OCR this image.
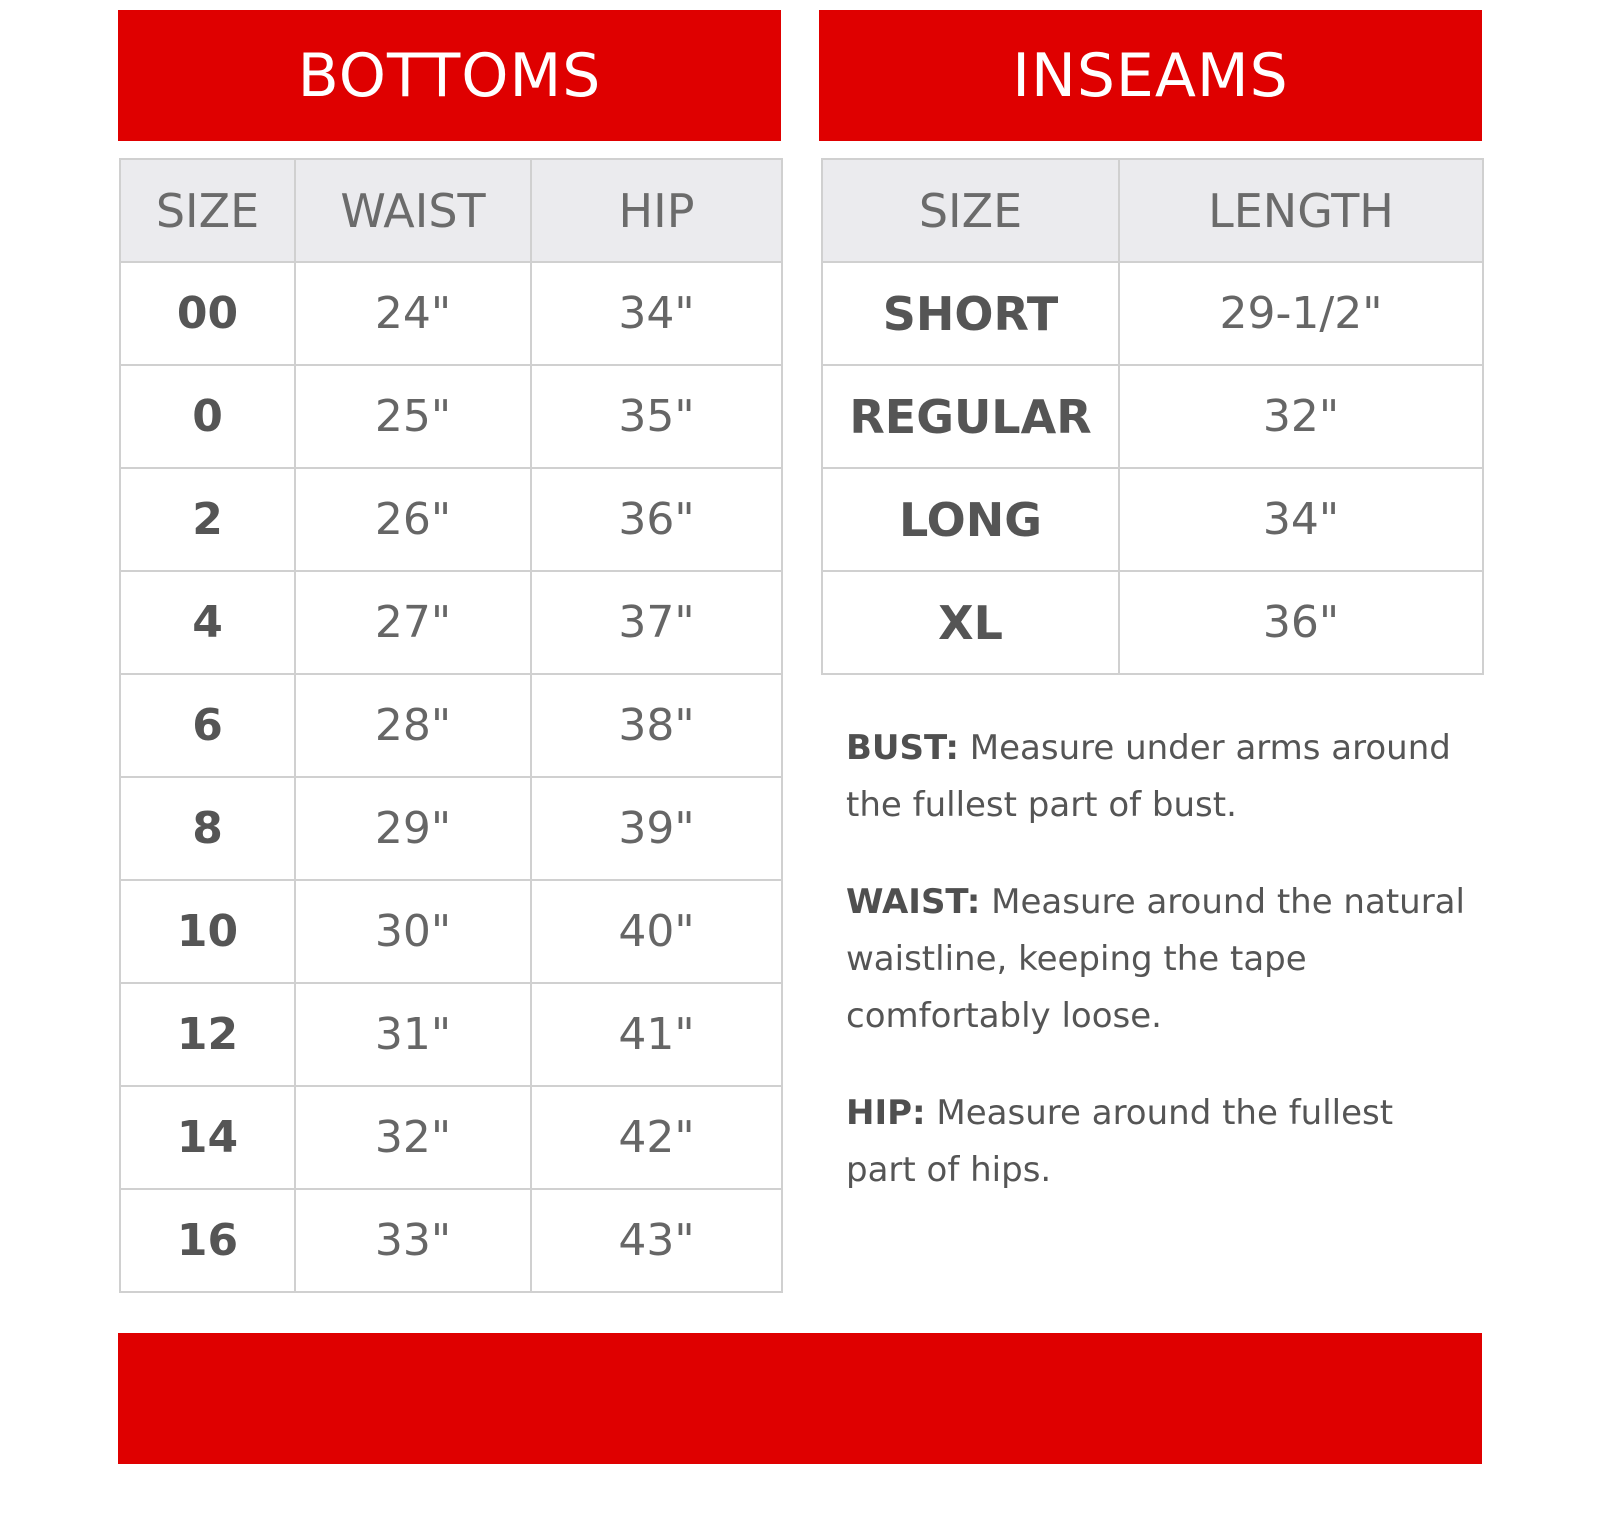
BOTTOMS	INSEAMS
SIZE	WAIST	HIP
00	24"	34"
0	25"	35"
2	26"	36"
4	27"	37"
6	28"	38"
8	29"	39"
10	30"	40"
12	31"	41"
14	32"	42"
16	33"	43"
SIZE	LENGTH
SHORT	29-1/2"
REGULAR	32"
LONG	34"
XL	36"

BUST: Measure under arms around the fullest part of bust.

WAIST: Measure around the natural waistline, keeping the tape comfortably loose.

HIP: Measure around the fullest part of hips.
